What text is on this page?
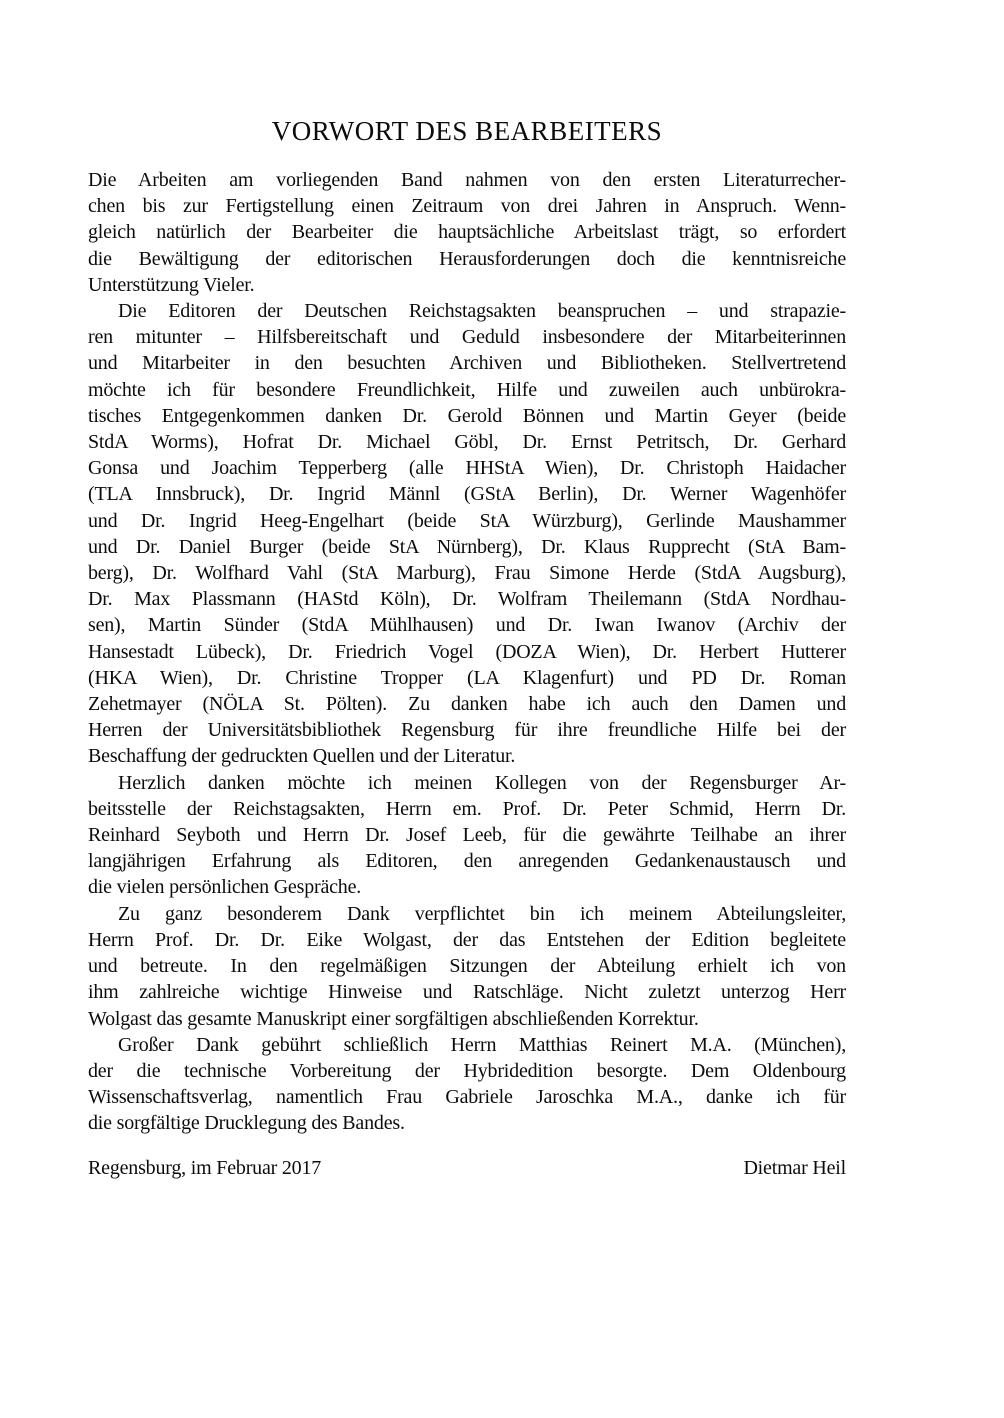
VORWORT DES BEARBEITERS
Die Arbeiten am vorliegenden Band nahmen von den ersten Literaturrecher-
chen bis zur Fertigstellung einen Zeitraum von drei Jahren in Anspruch. Wenn-
gleich natürlich der Bearbeiter die hauptsächliche Arbeitslast trägt, so erfordert
die Bewältigung der editorischen Herausforderungen doch die kenntnisreiche
Unterstützung Vieler.
Die Editoren der Deutschen Reichstagsakten beanspruchen – und strapazie-
ren mitunter – Hilfsbereitschaft und Geduld insbesondere der Mitarbeiterinnen
und Mitarbeiter in den besuchten Archiven und Bibliotheken. Stellvertretend
möchte ich für besondere Freundlichkeit, Hilfe und zuweilen auch unbürokra-
tisches Entgegenkommen danken Dr. Gerold Bönnen und Martin Geyer (beide
StdA Worms), Hofrat Dr. Michael Göbl, Dr. Ernst Petritsch, Dr. Gerhard
Gonsa und Joachim Tepperberg (alle HHStA Wien), Dr. Christoph Haidacher
(TLA Innsbruck), Dr. Ingrid Männl (GStA Berlin), Dr. Werner Wagenhöfer
und Dr. Ingrid Heeg-Engelhart (beide StA Würzburg), Gerlinde Maushammer
und Dr. Daniel Burger (beide StA Nürnberg), Dr. Klaus Rupprecht (StA Bam-
berg), Dr. Wolfhard Vahl (StA Marburg), Frau Simone Herde (StdA Augsburg),
Dr. Max Plassmann (HAStd Köln), Dr. Wolfram Theilemann (StdA Nordhau-
sen), Martin Sünder (StdA Mühlhausen) und Dr. Iwan Iwanov (Archiv der
Hansestadt Lübeck), Dr. Friedrich Vogel (DOZA Wien), Dr. Herbert Hutterer
(HKA Wien), Dr. Christine Tropper (LA Klagenfurt) und PD Dr. Roman
Zehetmayer (NÖLA St. Pölten). Zu danken habe ich auch den Damen und
Herren der Universitätsbibliothek Regensburg für ihre freundliche Hilfe bei der
Beschaffung der gedruckten Quellen und der Literatur.
Herzlich danken möchte ich meinen Kollegen von der Regensburger Ar-
beitsstelle der Reichstagsakten, Herrn em. Prof. Dr. Peter Schmid, Herrn Dr.
Reinhard Seyboth und Herrn Dr. Josef Leeb, für die gewährte Teilhabe an ihrer
langjährigen Erfahrung als Editoren, den anregenden Gedankenaustausch und
die vielen persönlichen Gespräche.
Zu ganz besonderem Dank verpflichtet bin ich meinem Abteilungsleiter,
Herrn Prof. Dr. Dr. Eike Wolgast, der das Entstehen der Edition begleitete
und betreute. In den regelmäßigen Sitzungen der Abteilung erhielt ich von
ihm zahlreiche wichtige Hinweise und Ratschläge. Nicht zuletzt unterzog Herr
Wolgast das gesamte Manuskript einer sorgfältigen abschließenden Korrektur.
Großer Dank gebührt schließlich Herrn Matthias Reinert M.A. (München),
der die technische Vorbereitung der Hybridedition besorgte. Dem Oldenbourg
Wissenschaftsverlag, namentlich Frau Gabriele Jaroschka M.A., danke ich für
die sorgfältige Drucklegung des Bandes.
Regensburg, im Februar 2017	Dietmar Heil
